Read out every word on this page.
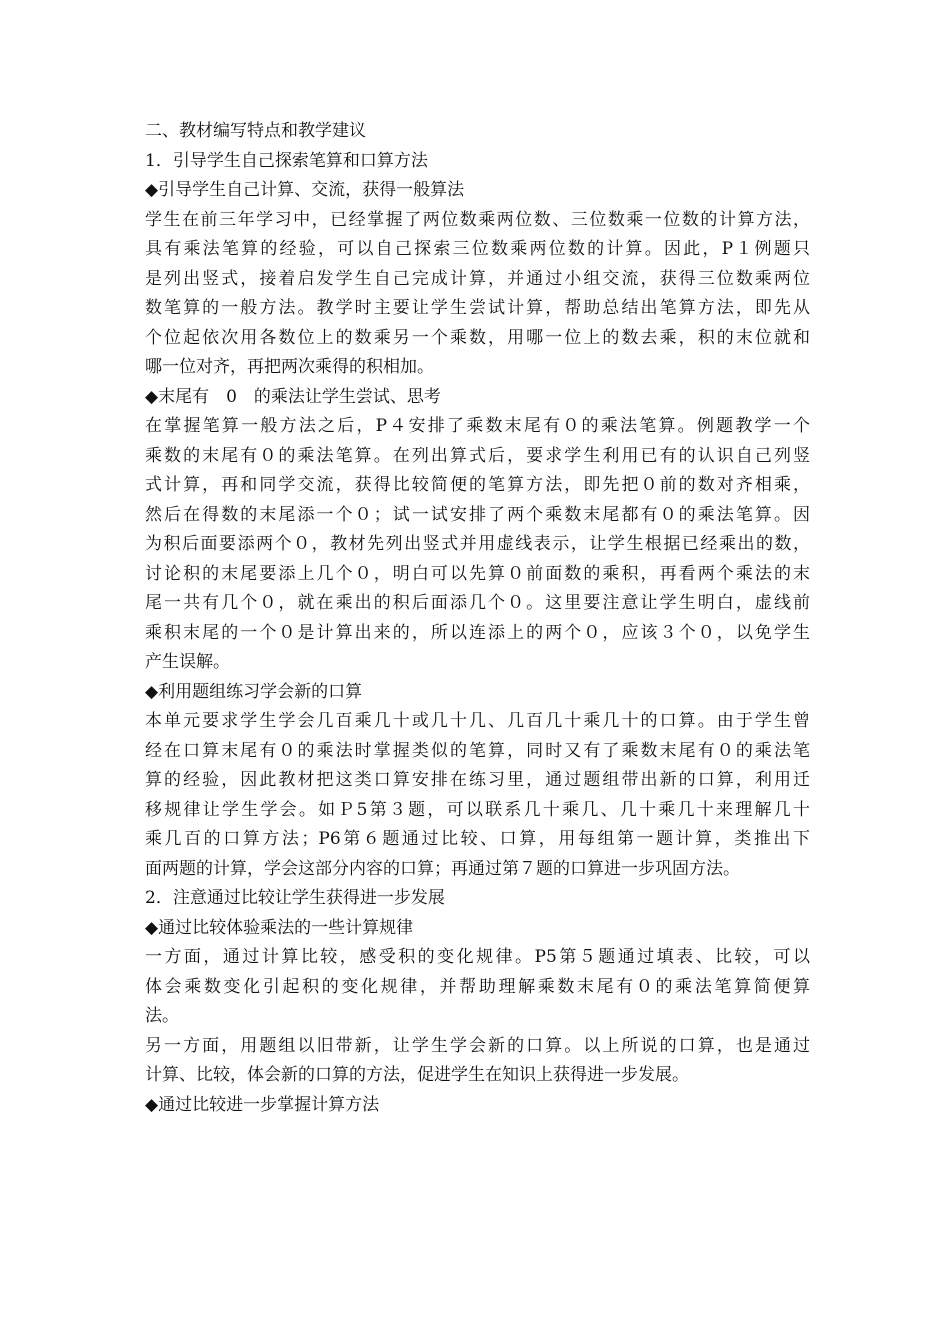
二、教材编写特点和教学建议
1．引导学生自己探索笔算和口算方法
◆引导学生自己计算、交流，获得一般算法
学生在前三年学习中，已经掌握了两位数乘两位数、三位数乘一位数的计算方法，
具有乘法笔算的经验，可以自己探索三位数乘两位数的计算。因此，P１例题只
是列出竖式，接着启发学生自己完成计算，并通过小组交流，获得三位数乘两位
数笔算的一般方法。教学时主要让学生尝试计算，帮助总结出笔算方法，即先从
个位起依次用各数位上的数乘另一个乘数，用哪一位上的数去乘，积的末位就和
哪一位对齐，再把两次乘得的积相加。
◆末尾有　0　的乘法让学生尝试、思考
在掌握笔算一般方法之后，P４安排了乘数末尾有０的乘法笔算。例题教学一个
乘数的末尾有０的乘法笔算。在列出算式后，要求学生利用已有的认识自己列竖
式计算，再和同学交流，获得比较简便的笔算方法，即先把０前的数对齐相乘，
然后在得数的末尾添一个０；试一试安排了两个乘数末尾都有０的乘法笔算。因
为积后面要添两个０，教材先列出竖式并用虚线表示，让学生根据已经乘出的数，
讨论积的末尾要添上几个０，明白可以先算０前面数的乘积，再看两个乘法的末
尾一共有几个０，就在乘出的积后面添几个０。这里要注意让学生明白，虚线前
乘积末尾的一个０是计算出来的，所以连添上的两个０，应该３个０，以免学生
产生误解。
◆利用题组练习学会新的口算
本单元要求学生学会几百乘几十或几十几、几百几十乘几十的口算。由于学生曾
经在口算末尾有０的乘法时掌握类似的笔算，同时又有了乘数末尾有０的乘法笔
算的经验，因此教材把这类口算安排在练习里，通过题组带出新的口算，利用迁
移规律让学生学会。如Ｐ5第３题，可以联系几十乘几、几十乘几十来理解几十
乘几百的口算方法；P6第６题通过比较、口算，用每组第一题计算，类推出下
面两题的计算，学会这部分内容的口算；再通过第７题的口算进一步巩固方法。
2．注意通过比较让学生获得进一步发展
◆通过比较体验乘法的一些计算规律
一方面，通过计算比较，感受积的变化规律。P5第５题通过填表、比较，可以
体会乘数变化引起积的变化规律，并帮助理解乘数末尾有０的乘法笔算简便算
法。
另一方面，用题组以旧带新，让学生学会新的口算。以上所说的口算，也是通过
计算、比较，体会新的口算的方法，促进学生在知识上获得进一步发展。
◆通过比较进一步掌握计算方法
